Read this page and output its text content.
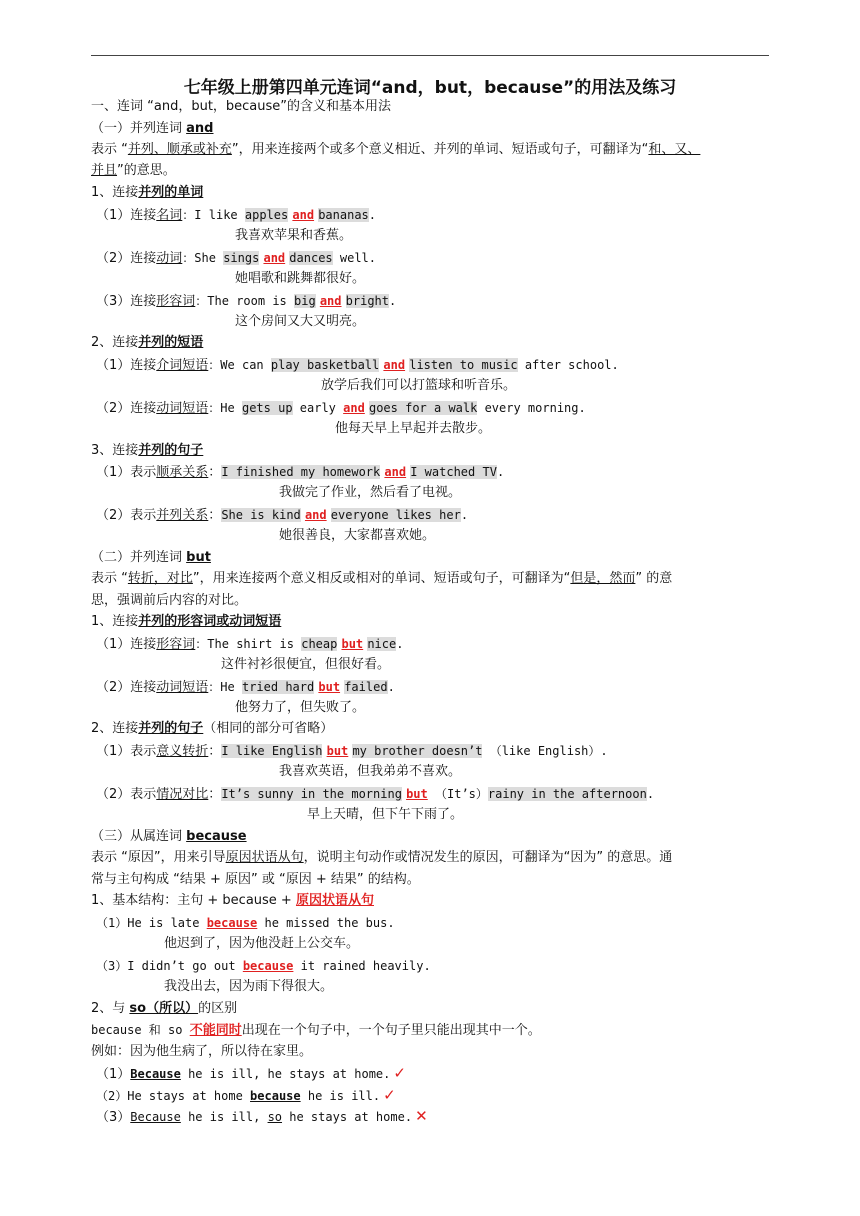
七年级上册第四单元连词“and，but，because”的用法及练习
一、连词 “and，but，because”的含义和基本用法
（一）并列连词 and
表示 “并列、顺承或补充”，用来连接两个或多个意义相近、并列的单词、短语或句子，可翻译为“和、又、
并且”的意思。
1、连接并列的单词
（1）连接名词：I like apples and bananas.
我喜欢苹果和香蕉。
（2）连接动词：She sings and dances well.
她唱歌和跳舞都很好。
（3）连接形容词：The room is big and bright.
这个房间又大又明亮。
2、连接并列的短语
（1）连接介词短语：We can play basketball and listen to music after school.
放学后我们可以打篮球和听音乐。
（2）连接动词短语：He gets up early and goes for a walk every morning.
他每天早上早起并去散步。
3、连接并列的句子
（1）表示顺承关系：I finished my homework and I watched TV.
我做完了作业，然后看了电视。
（2）表示并列关系：She is kind and everyone likes her.
她很善良，大家都喜欢她。
（二）并列连词 but
表示 “转折，对比”，用来连接两个意义相反或相对的单词、短语或句子，可翻译为“但是，然而” 的意
思，强调前后内容的对比。
1、连接并列的形容词或动词短语
（1）连接形容词：The shirt is cheap but nice.
这件衬衫很便宜，但很好看。
（2）连接动词短语：He tried hard but failed.
他努力了，但失败了。
2、连接并列的句子（相同的部分可省略）
（1）表示意义转折：I like English but my brother doesn’t （like English）.
我喜欢英语，但我弟弟不喜欢。
（2）表示情况对比：It’s sunny in the morning but （It’s）rainy in the afternoon.
早上天晴，但下午下雨了。
（三）从属连词 because
表示 “原因”，用来引导原因状语从句，说明主句动作或情况发生的原因，可翻译为“因为” 的意思。通
常与主句构成 “结果 + 原因” 或 “原因 + 结果” 的结构。
1、基本结构：主句 + because + 原因状语从句
（1）He is late because he missed the bus.
他迟到了，因为他没赶上公交车。
（3）I didn’t go out because it rained heavily.
我没出去，因为雨下得很大。
2、与 so（所以）的区别
because 和 so 不能同时出现在一个句子中，一个句子里只能出现其中一个。
例如：因为他生病了，所以待在家里。
（1）Because he is ill, he stays at home. ✓
（2）He stays at home because he is ill. ✓
（3）Because he is ill, so he stays at home. ✕
